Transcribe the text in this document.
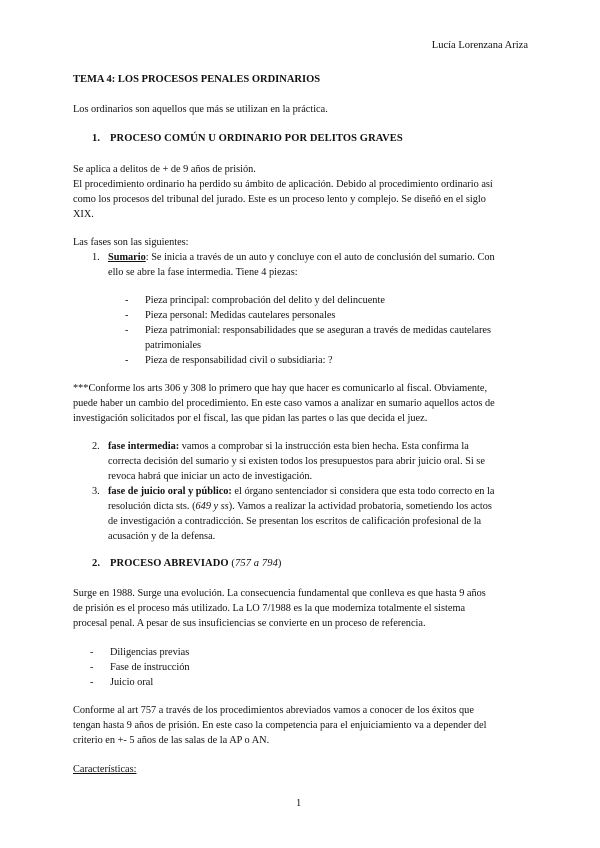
Lucía Lorenzana Ariza
TEMA 4: LOS PROCESOS PENALES ORDINARIOS
Los ordinarios son aquellos que más se utilizan en la práctica.
1. PROCESO COMÚN U ORDINARIO POR DELITOS GRAVES
Se aplica a delitos de + de 9 años de prisión.
El procedimiento ordinario ha perdido su ámbito de aplicación. Debido al procedimiento ordinario así
como los procesos del tribunal del jurado. Este es un proceso lento y complejo. Se diseñó en el siglo
XIX.
Las fases son las siguientes:
1. Sumario: Se inicia a través de un auto y concluye con el auto de conclusión del sumario. Con
ello se abre la fase intermedia. Tiene 4 piezas:
- Pieza principal: comprobación del delito y del delincuente
- Pieza personal: Medidas cautelares personales
- Pieza patrimonial: responsabilidades que se aseguran a través de medidas cautelares patrimoniales
- Pieza de responsabilidad civil o subsidiaria: ?
***Conforme los arts 306 y 308 lo primero que hay que hacer es comunicarlo al fiscal. Obviamente,
puede haber un cambio del procedimiento. En este caso vamos a analizar en sumario aquellos actos de
investigación solicitados por el fiscal, las que pidan las partes o las que decida el juez.
2. fase intermedia: vamos a comprobar si la instrucción esta bien hecha. Esta confirma la
correcta decisión del sumario y si existen todos los presupuestos para abrir juicio oral. Si se
revoca habrá que iniciar un acto de investigación.
3. fase de juicio oral y público: el órgano sentenciador si considera que esta todo correcto en la
resolución dicta sts. (649 y ss). Vamos a realizar la actividad probatoria, sometiendo los actos
de investigación a contradicción. Se presentan los escritos de calificación profesional de la
acusación y de la defensa.
2. PROCESO ABREVIADO (757 a 794)
Surge en 1988. Surge una evolución. La consecuencia fundamental que conlleva es que hasta 9 años
de prisión es el proceso más utilizado. La LO 7/1988 es la que moderniza totalmente el sistema
procesal penal. A pesar de sus insuficiencias se convierte en un proceso de referencia.
- Diligencias previas
- Fase de instrucción
- Juicio oral
Conforme al art 757 a través de los procedimientos abreviados vamos a conocer de los éxitos que
tengan hasta 9 años de prisión. En este caso la competencia para el enjuiciamiento va a depender del
criterio en +- 5 años de las salas de la AP o AN.
Características:
1
